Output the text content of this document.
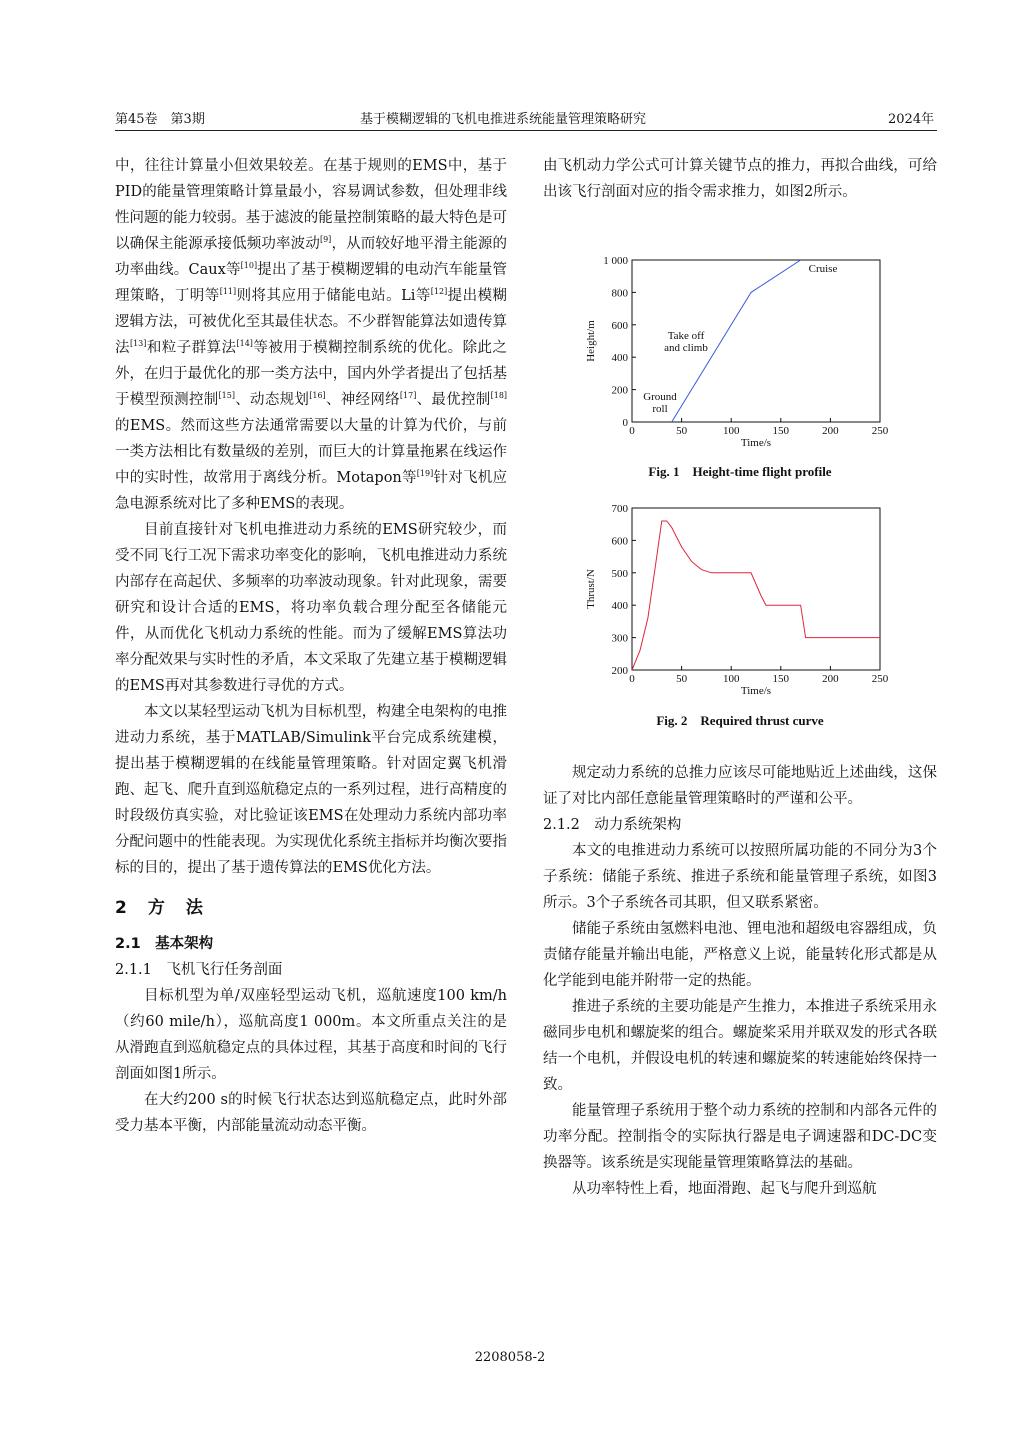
第45卷　第3期	基于模糊逻辑的飞机电推进系统能量管理策略研究	2024年

中，往往计算量小但效果较差。在基于规则的EMS中，基于PID的能量管理策略计算量最小，容易调试参数，但处理非线性问题的能力较弱。基于滤波的能量控制策略的最大特色是可以确保主能源承接低频功率波动[9]，从而较好地平滑主能源的功率曲线。Caux等[10]提出了基于模糊逻辑的电动汽车能量管理策略，丁明等[11]则将其应用于储能电站。Li等[12]提出模糊逻辑方法，可被优化至其最佳状态。不少群智能算法如遗传算法[13]和粒子群算法[14]等被用于模糊控制系统的优化。除此之外，在归于最优化的那一类方法中，国内外学者提出了包括基于模型预测控制[15]、动态规划[16]、神经网络[17]、最优控制[18]的EMS。然而这些方法通常需要以大量的计算为代价，与前一类方法相比有数量级的差别，而巨大的计算量拖累在线运作中的实时性，故常用于离线分析。Motapon等[19]针对飞机应急电源系统对比了多种EMS的表现。

目前直接针对飞机电推进动力系统的EMS研究较少，而受不同飞行工况下需求功率变化的影响，飞机电推进动力系统内部存在高起伏、多频率的功率波动现象。针对此现象，需要研究和设计合适的EMS，将功率负载合理分配至各储能元件，从而优化飞机动力系统的性能。而为了缓解EMS算法功率分配效果与实时性的矛盾，本文采取了先建立基于模糊逻辑的EMS再对其参数进行寻优的方式。

本文以某轻型运动飞机为目标机型，构建全电架构的电推进动力系统，基于MATLAB/Simulink平台完成系统建模，提出基于模糊逻辑的在线能量管理策略。针对固定翼飞机滑跑、起飞、爬升直到巡航稳定点的一系列过程，进行高精度的时段级仿真实验，对比验证该EMS在处理动力系统内部功率分配问题中的性能表现。为实现优化系统主指标并均衡次要指标的目的，提出了基于遗传算法的EMS优化方法。

2　方　法

2.1　基本架构

2.1.1　飞机飞行任务剖面

目标机型为单/双座轻型运动飞机，巡航速度100 km/h（约60 mile/h），巡航高度1 000m。本文所重点关注的是从滑跑直到巡航稳定点的具体过程，其基于高度和时间的飞行剖面如图1所示。

在大约200 s的时候飞行状态达到巡航稳定点，此时外部受力基本平衡，内部能量流动动态平衡。

由飞机动力学公式可计算关键节点的推力，再拟合曲线，可给出该飞行剖面对应的指令需求推力，如图2所示。

0	50	100	150	200	250
0
200
400
600
800
1 000
Time/s
Height/m
Cruise
Take off
and climb
Ground
roll
Fig. 1　Height-time flight profile
0	50	100	150	200	250
200
300
400
500
600
700
Time/s
Thrust/N
Fig. 2　Required thrust curve

规定动力系统的总推力应该尽可能地贴近上述曲线，这保证了对比内部任意能量管理策略时的严谨和公平。

2.1.2　动力系统架构

本文的电推进动力系统可以按照所属功能的不同分为3个子系统：储能子系统、推进子系统和能量管理子系统，如图3所示。3个子系统各司其职，但又联系紧密。

储能子系统由氢燃料电池、锂电池和超级电容器组成，负责储存能量并输出电能，严格意义上说，能量转化形式都是从化学能到电能并附带一定的热能。

推进子系统的主要功能是产生推力，本推进子系统采用永磁同步电机和螺旋桨的组合。螺旋桨采用并联双发的形式各联结一个电机，并假设电机的转速和螺旋桨的转速能始终保持一致。

能量管理子系统用于整个动力系统的控制和内部各元件的功率分配。控制指令的实际执行器是电子调速器和DC-DC变换器等。该系统是实现能量管理策略算法的基础。

从功率特性上看，地面滑跑、起飞与爬升到巡航

2208058-2
